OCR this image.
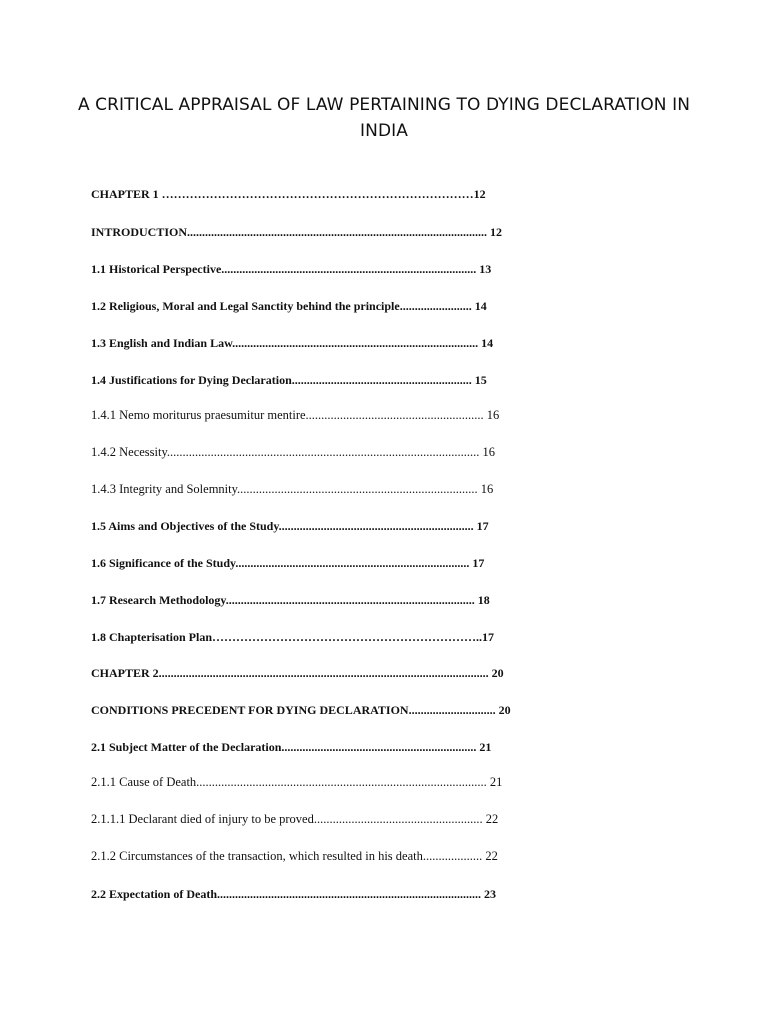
A CRITICAL APPRAISAL OF LAW PERTAINING TO DYING DECLARATION IN
INDIA
CHAPTER 1 ……………………………………………………………………12
INTRODUCTION.................................................................................................... 12
1.1 Historical Perspective..................................................................................... 13
1.2 Religious, Moral and Legal Sanctity behind the principle........................ 14
1.3 English and Indian Law.................................................................................. 14
1.4 Justifications for Dying Declaration............................................................ 15
1.4.1 Nemo moriturus praesumitur mentire......................................................... 16
1.4.2 Necessity.................................................................................................... 16
1.4.3 Integrity and Solemnity............................................................................. 16
1.5 Aims and Objectives of the Study................................................................. 17
1.6 Significance of the Study.............................................................................. 17
1.7 Research Methodology................................................................................... 18
1.8 Chapterisation Plan…………………………………………………………..17
CHAPTER 2.............................................................................................................. 20
CONDITIONS PRECEDENT FOR DYING DECLARATION............................. 20
2.1 Subject Matter of the Declaration................................................................. 21
2.1.1 Cause of Death............................................................................................. 21
2.1.1.1 Declarant died of injury to be proved...................................................... 22
2.1.2 Circumstances of the transaction, which resulted in his death................... 22
2.2 Expectation of Death........................................................................................ 23
